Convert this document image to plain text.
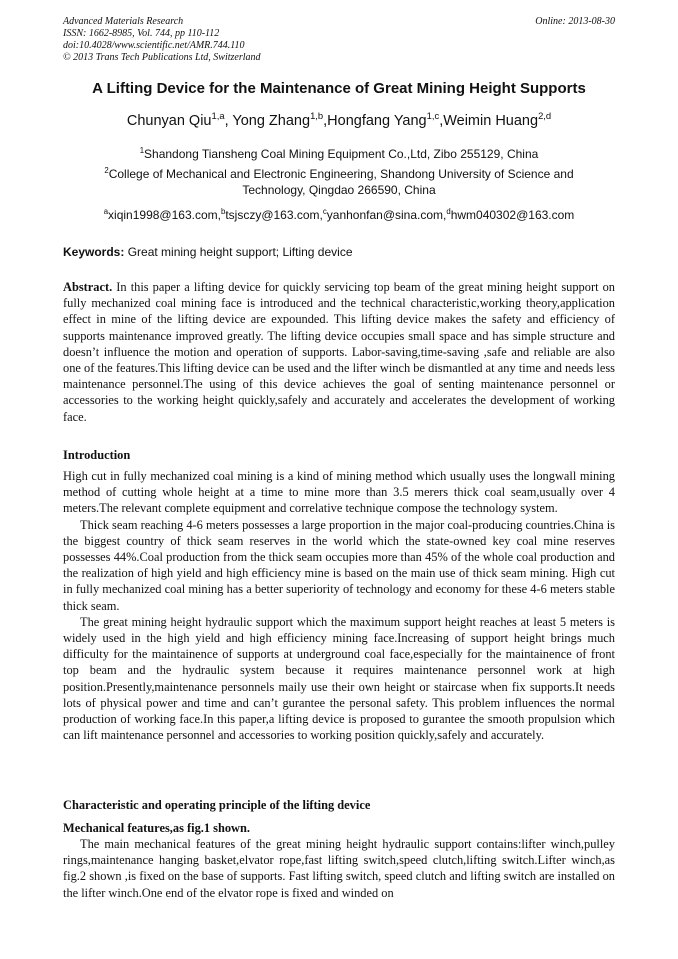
Advanced Materials Research
ISSN: 1662-8985, Vol. 744, pp 110-112
doi:10.4028/www.scientific.net/AMR.744.110
© 2013 Trans Tech Publications Ltd, Switzerland
Online: 2013-08-30
A Lifting Device for the Maintenance of Great Mining Height Supports
Chunyan Qiu$^{1,a}$, Yong Zhang$^{1,b}$,Hongfang Yang$^{1,c}$,Weimin Huang$^{2,d}$
$^1$Shandong Tiansheng Coal Mining Equipment Co.,Ltd, Zibo 255129, China
$^2$College of Mechanical and Electronic Engineering, Shandong University of Science and
Technology, Qingdao 266590, China
$^a$xiqin1998@163.com,$^b$tsjsczy@163.com,$^c$yanhonfan@sina.com,$^d$hwm040302@163.com
Keywords: Great mining height support; Lifting device

Abstract. In this paper a lifting device for quickly servicing top beam of the great mining height support on fully mechanized coal mining face is introduced and the technical characteristic,working theory,application effect in mine of the lifting device are expounded. This lifting device makes the safety and efficiency of supports maintenance improved greatly. The lifting device occupies small space and has simple structure and doesn’t influence the motion and operation of supports. Labor-saving,time-saving ,safe and reliable are also one of the features.This lifting device can be used and the lifter winch be dismantled at any time and needs less maintenance personnel.The using of this device achieves the goal of senting maintenance personnel or accessories to the working height quickly,safely and accurately and accelerates the development of working face.

Introduction

High cut in fully mechanized coal mining is a kind of mining method which usually uses the longwall mining method of cutting whole height at a time to mine more than 3.5 merers thick coal seam,usually over 4 meters.The relevant complete equipment and correlative technique compose the technology system.

Thick seam reaching 4-6 meters possesses a large proportion in the major coal-producing countries.China is the biggest country of thick seam reserves in the world which the state-owned key coal mine reserves possesses 44%.Coal production from the thick seam occupies more than 45% of the whole coal production and the realization of high yield and high efficiency mine is based on the main use of thick seam mining. High cut in fully mechanized coal mining has a better superiority of technology and economy for these 4-6 meters stable thick seam.

The great mining height hydraulic support which the maximum support height reaches at least 5 meters is widely used in the high yield and high efficiency mining face.Increasing of support height brings much difficulty for the maintainence of supports at underground coal face,especially for the maintainence of front top beam and the hydraulic system because it requires maintenance personnel work at high position.Presently,maintenance personnels maily use their own height or staircase when fix supports.It needs lots of physical power and time and can’t gurantee the personal safety. This problem influences the normal production of working face.In this paper,a lifting device is proposed to gurantee the smooth propulsion which can lift maintenance personnel and accessories to working position quickly,safely and accurately.

Characteristic and operating principle of the lifting device
Mechanical features,as fig.1 shown.

The main mechanical features of the great mining height hydraulic support contains:lifter winch,pulley rings,maintenance hanging basket,elvator rope,fast lifting switch,speed clutch,lifting switch.Lifter winch,as fig.2 shown ,is fixed on the base of supports. Fast lifting switch, speed clutch and lifting switch are installed on the lifter winch.One end of the elvator rope is fixed and winded on
